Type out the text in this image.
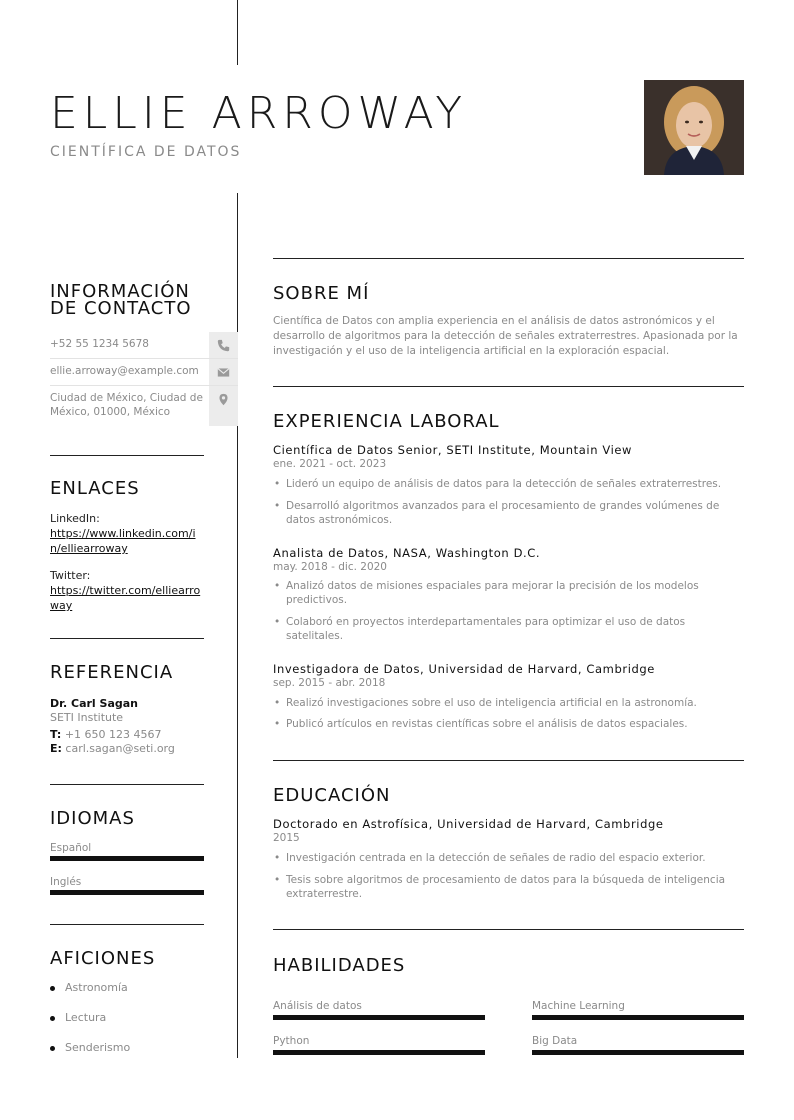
ELLIE ARROWAY
CIENTÍFICA DE DATOS
INFORMACIÓN
DE CONTACTO
+52 55 1234 5678
ellie.arroway@example.com
Ciudad de México, Ciudad de México, 01000, México
ENLACES
LinkedIn:
https://www.linkedin.com/in/elliearroway
Twitter:
https://twitter.com/elliearroway
REFERENCIA
Dr. Carl Sagan
SETI Institute
T: +1 650 123 4567
E: carl.sagan@seti.org
IDIOMAS
Español
Inglés
AFICIONES
Astronomía
Lectura
Senderismo
SOBRE MÍ
Científica de Datos con amplia experiencia en el análisis de datos astronómicos y el desarrollo de algoritmos para la detección de señales extraterrestres. Apasionada por la investigación y el uso de la inteligencia artificial en la exploración espacial.
EXPERIENCIA LABORAL
Científica de Datos Senior, SETI Institute, Mountain View
ene. 2021 - oct. 2023
• Lideró un equipo de análisis de datos para la detección de señales extraterrestres.
• Desarrolló algoritmos avanzados para el procesamiento de grandes volúmenes de datos astronómicos.
Analista de Datos, NASA, Washington D.C.
may. 2018 - dic. 2020
• Analizó datos de misiones espaciales para mejorar la precisión de los modelos predictivos.
• Colaboró en proyectos interdepartamentales para optimizar el uso de datos satelitales.
Investigadora de Datos, Universidad de Harvard, Cambridge
sep. 2015 - abr. 2018
• Realizó investigaciones sobre el uso de inteligencia artificial en la astronomía.
• Publicó artículos en revistas científicas sobre el análisis de datos espaciales.
EDUCACIÓN
Doctorado en Astrofísica, Universidad de Harvard, Cambridge
2015
• Investigación centrada en la detección de señales de radio del espacio exterior.
• Tesis sobre algoritmos de procesamiento de datos para la búsqueda de inteligencia extraterrestre.
HABILIDADES
Análisis de datos	Machine Learning
Python	Big Data
